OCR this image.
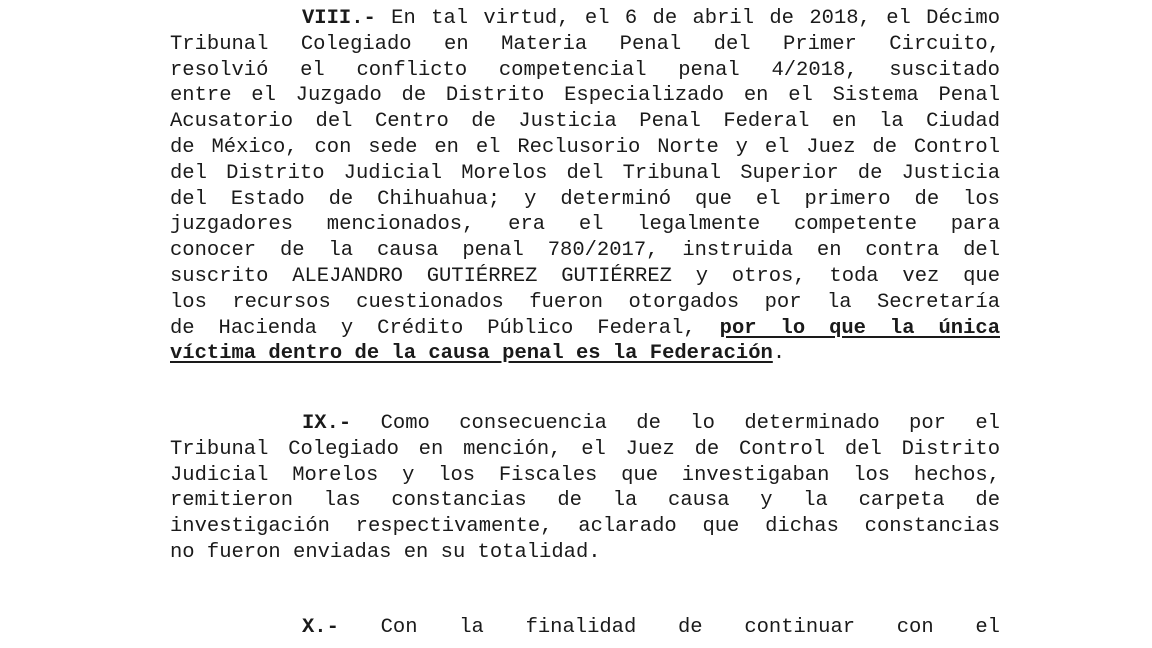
VIII.- En tal virtud, el 6 de abril de 2018, el Décimo
Tribunal Colegiado en Materia Penal del Primer Circuito,
resolvió el conflicto competencial penal 4/2018, suscitado
entre el Juzgado de Distrito Especializado en el Sistema Penal
Acusatorio del Centro de Justicia Penal Federal en la Ciudad
de México, con sede en el Reclusorio Norte y el Juez de Control
del Distrito Judicial Morelos del Tribunal Superior de Justicia
del Estado de Chihuahua; y determinó que el primero de los
juzgadores mencionados, era el legalmente competente para
conocer de la causa penal 780/2017, instruida en contra del
suscrito ALEJANDRO GUTIÉRREZ GUTIÉRREZ y otros, toda vez que
los recursos cuestionados fueron otorgados por la Secretaría
de Hacienda y Crédito Público Federal, por lo que la única
víctima dentro de la causa penal es la Federación.
IX.- Como consecuencia de lo determinado por el
Tribunal Colegiado en mención, el Juez de Control del Distrito
Judicial Morelos y los Fiscales que investigaban los hechos,
remitieron las constancias de la causa y la carpeta de
investigación respectivamente, aclarado que dichas constancias
no fueron enviadas en su totalidad.
X.- Con la finalidad de continuar con el
